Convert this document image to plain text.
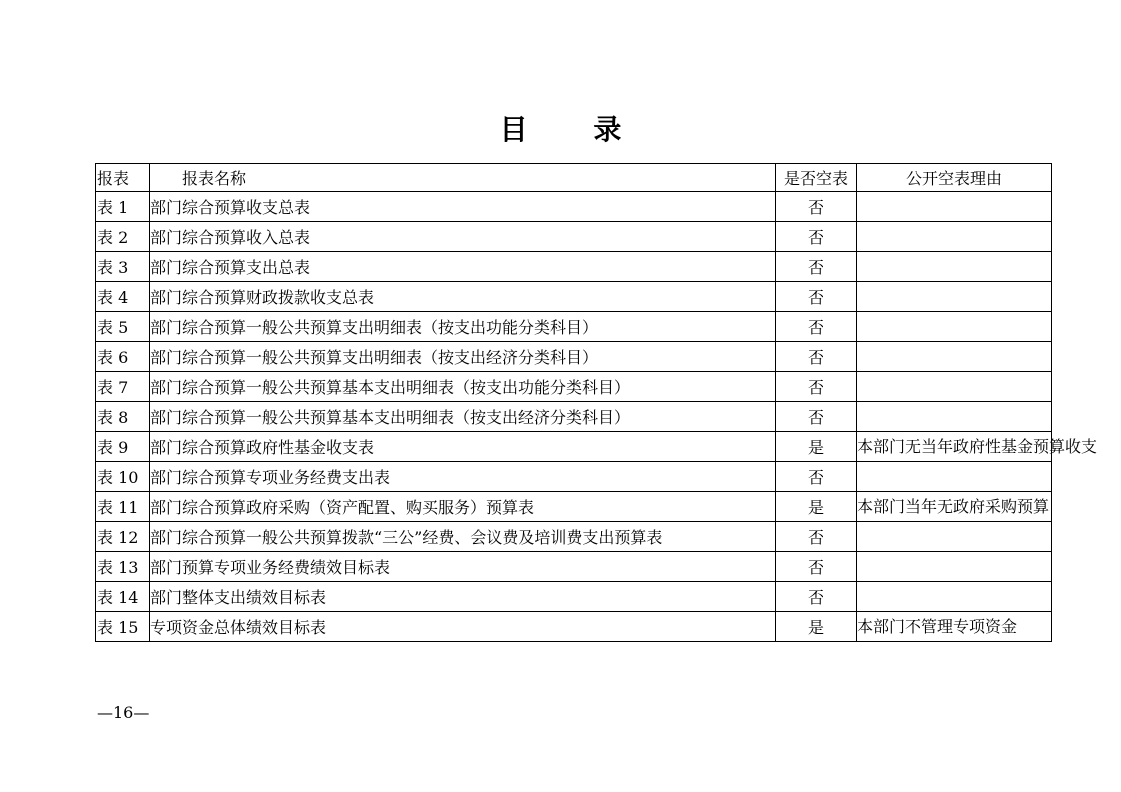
目 录
报表	报表名称	是否空表	公开空表理由
表 1	部门综合预算收支总表	否	
表 2	部门综合预算收入总表	否	
表 3	部门综合预算支出总表	否	
表 4	部门综合预算财政拨款收支总表	否	
表 5	部门综合预算一般公共预算支出明细表（按支出功能分类科目）	否	
表 6	部门综合预算一般公共预算支出明细表（按支出经济分类科目）	否	
表 7	部门综合预算一般公共预算基本支出明细表（按支出功能分类科目）	否	
表 8	部门综合预算一般公共预算基本支出明细表（按支出经济分类科目）	否	
表 9	部门综合预算政府性基金收支表	是	本部门无当年政府性基金预算收支
表 10	部门综合预算专项业务经费支出表	否	
表 11	部门综合预算政府采购（资产配置、购买服务）预算表	是	本部门当年无政府采购预算
表 12	部门综合预算一般公共预算拨款“三公”经费、会议费及培训费支出预算表	否	
表 13	部门预算专项业务经费绩效目标表	否	
表 14	部门整体支出绩效目标表	否	
表 15	专项资金总体绩效目标表	是	本部门不管理专项资金
—16—
